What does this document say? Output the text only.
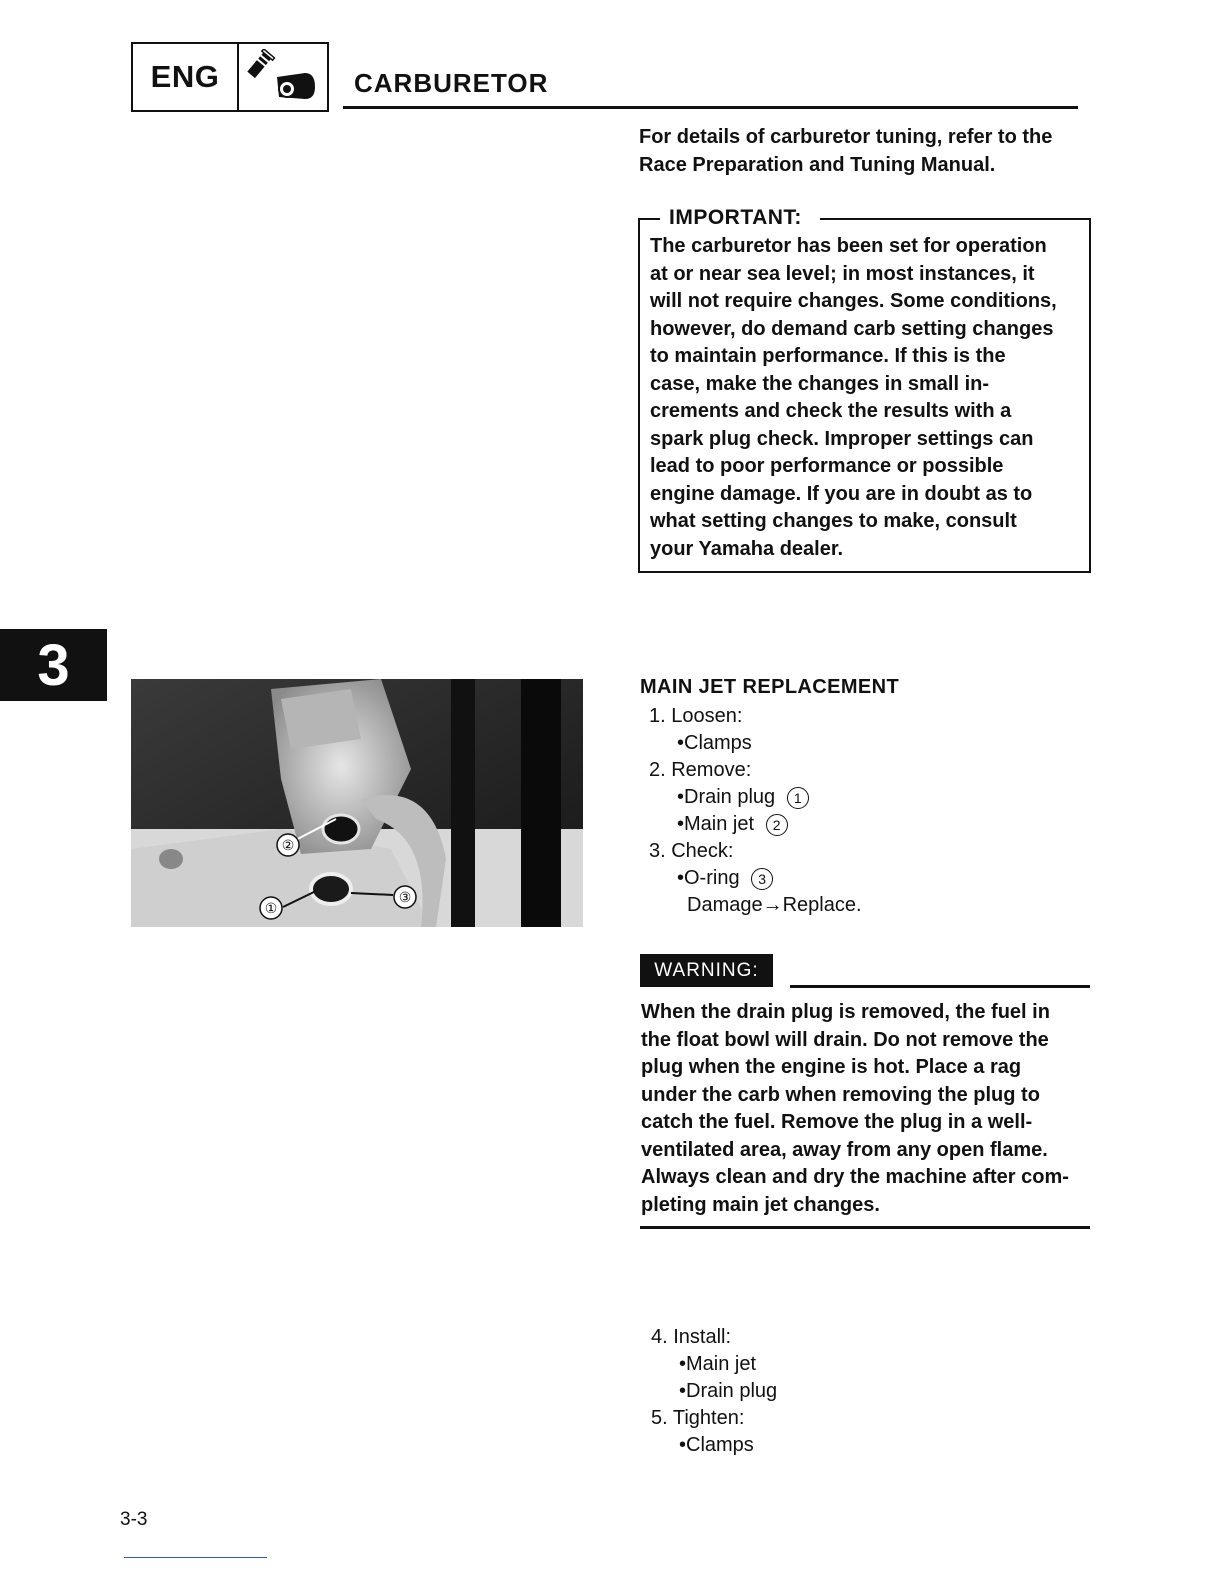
ENG	CARBURETOR
3
For details of carburetor tuning, refer to the
Race Preparation and Tuning Manual.
IMPORTANT:
The carburetor has been set for operation
at or near sea level; in most instances, it
will not require changes. Some conditions,
however, do demand carb setting changes
to maintain performance. If this is the
case, make the changes in small in-
crements and check the results with a
spark plug check. Improper settings can
lead to poor performance or possible
engine damage. If you are in doubt as to
what setting changes to make, consult
your Yamaha dealer.
②
①
③
MAIN JET REPLACEMENT
1. Loosen:
•Clamps
2. Remove:
•Drain plug 1
•Main jet 2
3. Check:
•O-ring 3
Damage→Replace.
WARNING:
When the drain plug is removed, the fuel in
the float bowl will drain. Do not remove the
plug when the engine is hot. Place a rag
under the carb when removing the plug to
catch the fuel. Remove the plug in a well-
ventilated area, away from any open flame.
Always clean and dry the machine after com-
pleting main jet changes.
4. Install:
•Main jet
•Drain plug
5. Tighten:
•Clamps
3-3
